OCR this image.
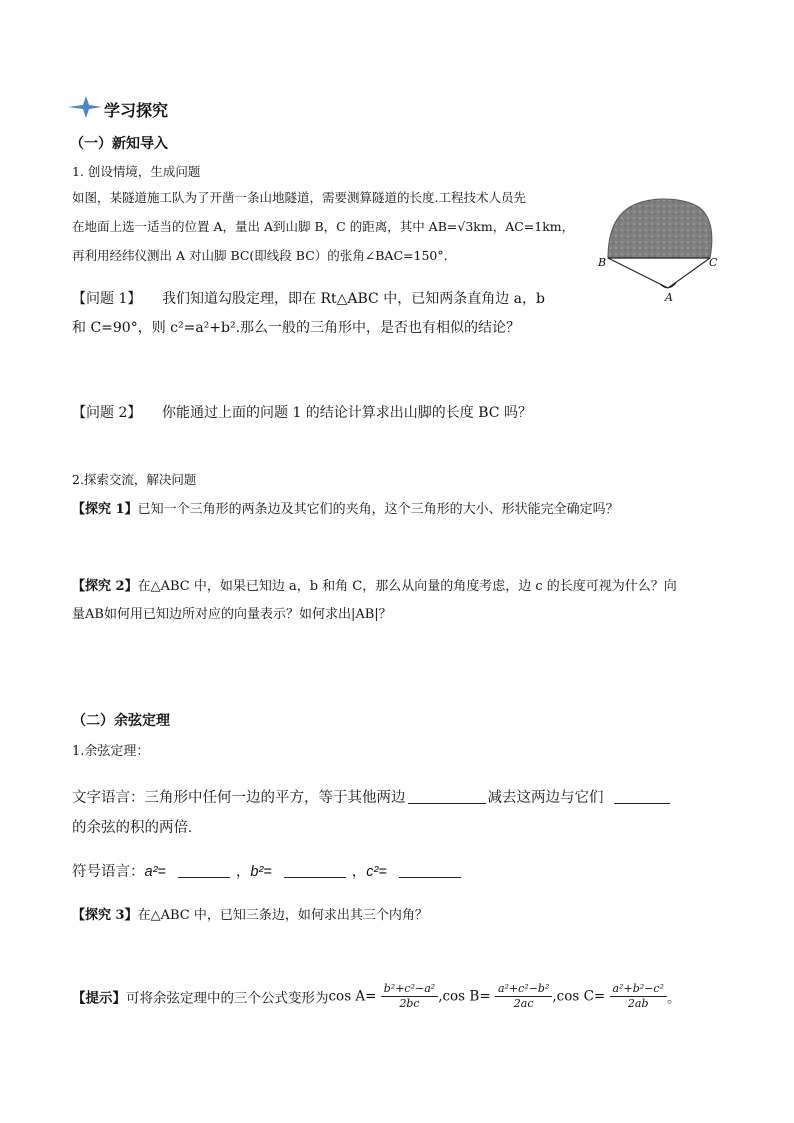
学习探究
（一）新知导入
1. 创设情境，生成问题
如图，某隧道施工队为了开凿一条山地隧道，需要测算隧道的长度.工程技术人员先
在地面上选一适当的位置 A，量出 A到山脚 B，C 的距离，其中 AB=√3km，AC=1km，
再利用经纬仪测出 A 对山脚 BC(即线段 BC）的张角∠BAC=150°．	B	C
A
【问题 1】 我们知道勾股定理，即在 Rt△ABC 中，已知两条直角边 a，b
和 C=90°，则 c²=a²+b².那么一般的三角形中，是否也有相似的结论？
【问题 2】 你能通过上面的问题 1 的结论计算求出山脚的长度 BC 吗？
2.探索交流，解决问题
【探究 1】已知一个三角形的两条边及其它们的夹角，这个三角形的大小、形状能完全确定吗？
【探究 2】在△ABC 中，如果已知边 a，b 和角 C，那么从向量的角度考虑，边 c 的长度可视为什么？向
量AB如何用已知边所对应的向量表示？如何求出|AB|？
（二）余弦定理
1.余弦定理：
文字语言：三角形中任何一边的平方，等于其他两边	减去这两边与它们
的余弦的积的两倍.
符号语言：a²=	，b²=	，c²=
【探究 3】在△ABC 中，已知三条边，如何求出其三个内角？
【提示】可将余弦定理中的三个公式变形为$\cos A= \frac{\text{b²+c²−a²}}{2bc} ,\cos$ $B= \frac{\text{a²+c²−b²}}{2ac} ,\cos$ $C= \frac{\text{a²+b²−c²}}{2ab}$ 。
